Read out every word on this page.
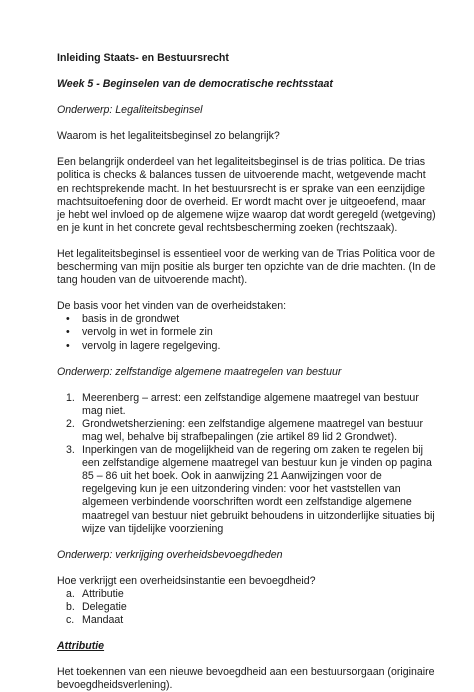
Inleiding Staats- en Bestuursrecht
Week 5 - Beginselen van de democratische rechtsstaat
Onderwerp: Legaliteitsbeginsel

Waarom is het legaliteitsbeginsel zo belangrijk?

Een belangrijk onderdeel van het legaliteitsbeginsel is de trias politica. De trias politica is checks & balances tussen de uitvoerende macht, wetgevende macht en rechtsprekende macht. In het bestuursrecht is er sprake van een eenzijdige machtsuitoefening door de overheid. Er wordt macht over je uitgeoefend, maar je hebt wel invloed op de algemene wijze waarop dat wordt geregeld (wetgeving) en je kunt in het concrete geval rechtsbescherming zoeken (rechtszaak).

Het legaliteitsbeginsel is essentieel voor de werking van de Trias Politica voor de bescherming van mijn positie als burger ten opzichte van de drie machten. (In de tang houden van de uitvoerende macht).

De basis voor het vinden van de overheidstaken:
• basis in de grondwet
• vervolg in wet in formele zin
• vervolg in lagere regelgeving.
Onderwerp: zelfstandige algemene maatregelen van bestuur
1. Meerenberg – arrest: een zelfstandige algemene maatregel van bestuur mag niet.
2. Grondwetsherziening: een zelfstandige algemene maatregel van bestuur mag wel, behalve bij strafbepalingen (zie artikel 89 lid 2 Grondwet).
3. Inperkingen van de mogelijkheid van de regering om zaken te regelen bij een zelfstandige algemene maatregel van bestuur kun je vinden op pagina 85 – 86 uit het boek. Ook in aanwijzing 21 Aanwijzingen voor de regelgeving kun je een uitzondering vinden: voor het vaststellen van algemeen verbindende voorschriften wordt een zelfstandige algemene maatregel van bestuur niet gebruikt behoudens in uitzonderlijke situaties bij wijze van tijdelijke voorziening
Onderwerp: verkrijging overheidsbevoegdheden
Hoe verkrijgt een overheidsinstantie een bevoegdheid?
a. Attributie
b. Delegatie
c. Mandaat
Attributie

Het toekennen van een nieuwe bevoegdheid aan een bestuursorgaan (originaire bevoegdheidsverlening).
